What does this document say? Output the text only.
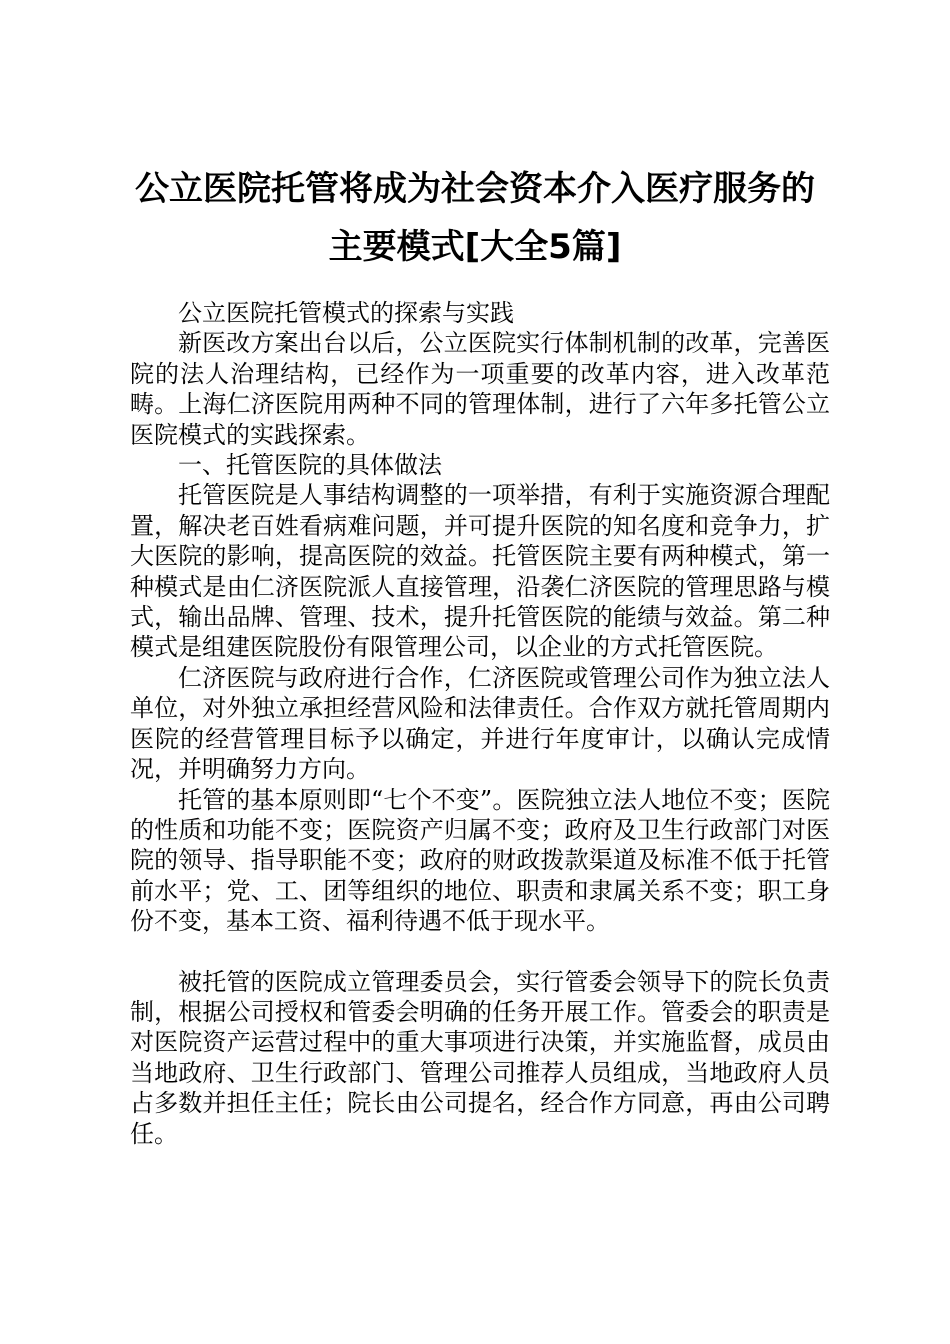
公立医院托管将成为社会资本介入医疗服务的
主要模式[大全5篇]

公立医院托管模式的探索与实践

新医改方案出台以后，公立医院实行体制机制的改革，完善医院的法人治理结构，已经作为一项重要的改革内容，进入改革范畴。上海仁济医院用两种不同的管理体制，进行了六年多托管公立医院模式的实践探索。

一、托管医院的具体做法

托管医院是人事结构调整的一项举措，有利于实施资源合理配置，解决老百姓看病难问题，并可提升医院的知名度和竞争力，扩大医院的影响，提高医院的效益。托管医院主要有两种模式，第一种模式是由仁济医院派人直接管理，沿袭仁济医院的管理思路与模式，输出品牌、管理、技术，提升托管医院的能绩与效益。第二种模式是组建医院股份有限管理公司，以企业的方式托管医院。

仁济医院与政府进行合作，仁济医院或管理公司作为独立法人单位，对外独立承担经营风险和法律责任。合作双方就托管周期内医院的经营管理目标予以确定，并进行年度审计，以确认完成情况，并明确努力方向。

托管的基本原则即“七个不变”。医院独立法人地位不变；医院的性质和功能不变；医院资产归属不变；政府及卫生行政部门对医院的领导、指导职能不变；政府的财政拨款渠道及标准不低于托管前水平；党、工、团等组织的地位、职责和隶属关系不变；职工身份不变，基本工资、福利待遇不低于现水平。

被托管的医院成立管理委员会，实行管委会领导下的院长负责制，根据公司授权和管委会明确的任务开展工作。管委会的职责是对医院资产运营过程中的重大事项进行决策，并实施监督，成员由当地政府、卫生行政部门、管理公司推荐人员组成，当地政府人员占多数并担任主任；院长由公司提名，经合作方同意，再由公司聘任。
